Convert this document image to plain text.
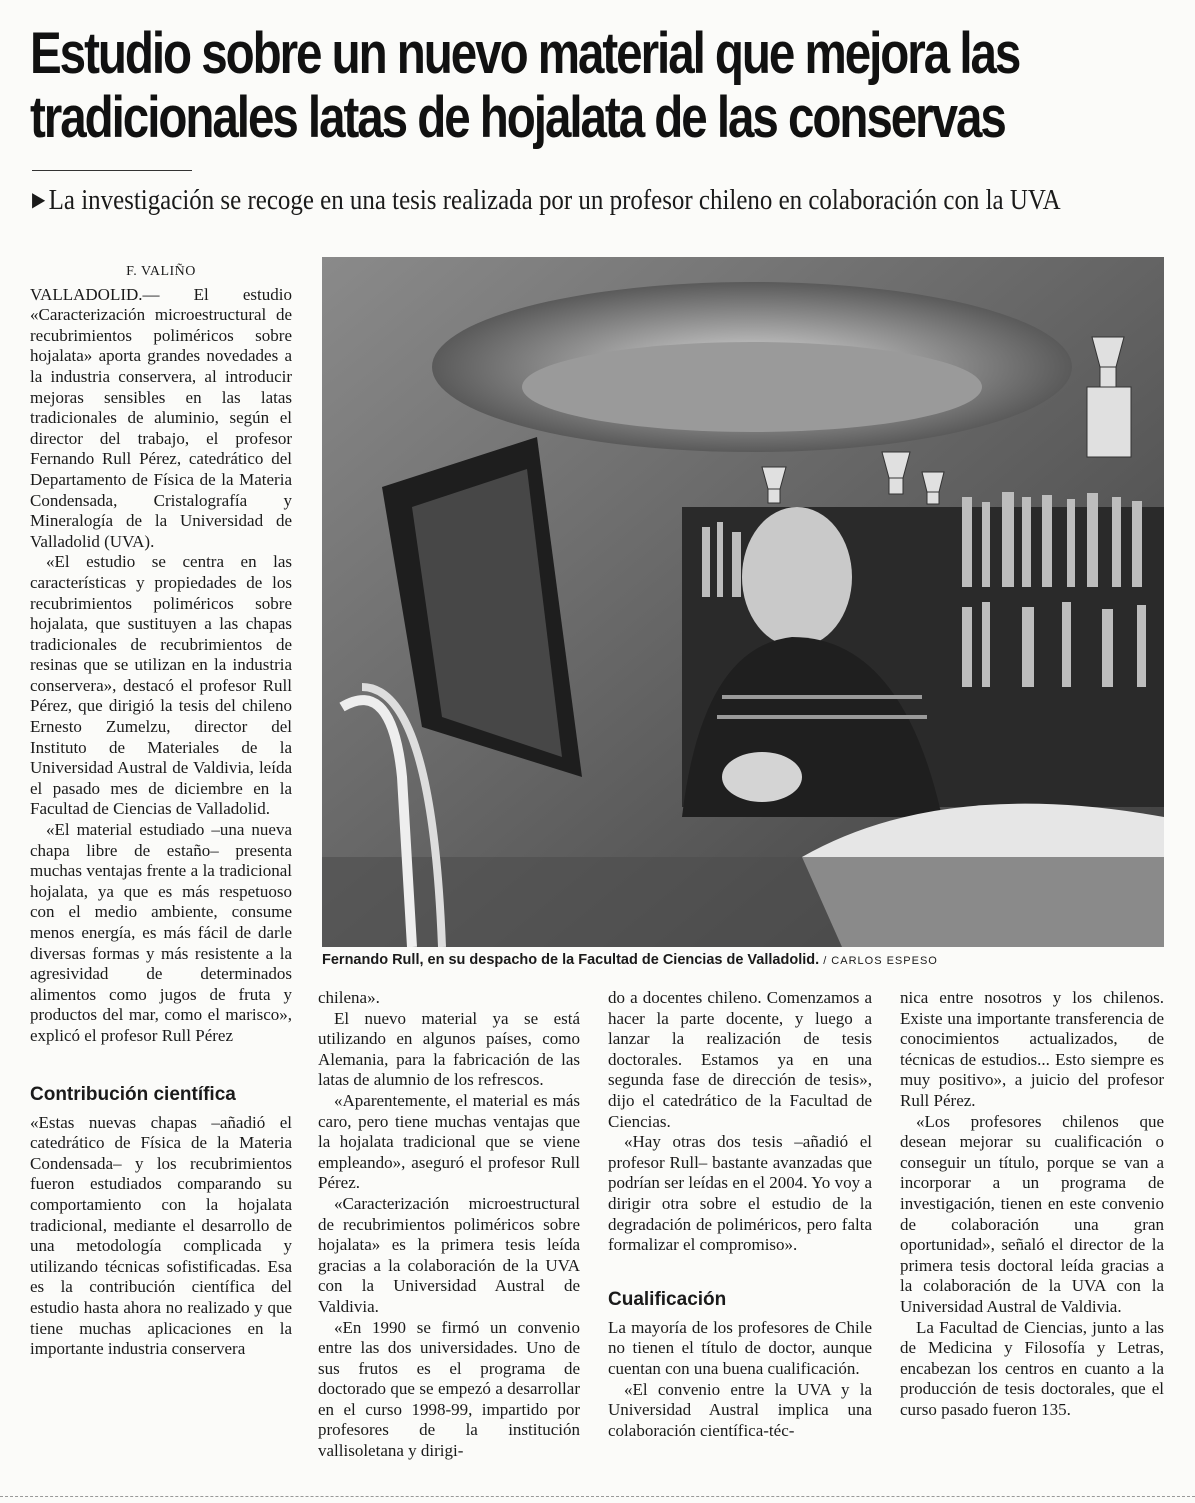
Estudio sobre un nuevo material que mejora las
tradicionales latas de hojalata de las conservas
▶ La investigación se recoge en una tesis realizada por un profesor chileno en colaboración con la UVA
F. VALIÑO

VALLADOLID.— El estudio «Caracterización microestructural de recubrimientos poliméricos sobre hojalata» aporta grandes novedades a la industria conservera, al introducir mejoras sensibles en las latas tradicionales de aluminio, según el director del trabajo, el profesor Fernando Rull Pérez, catedrático del Departamento de Física de la Materia Condensada, Cristalografía y Mineralogía de la Universidad de Valladolid (UVA).

«El estudio se centra en las características y propiedades de los recubrimientos poliméricos sobre hojalata, que sustituyen a las chapas tradicionales de recubrimientos de resinas que se utilizan en la industria conservera», destacó el profesor Rull Pérez, que dirigió la tesis del chileno Ernesto Zumelzu, director del Instituto de Materiales de la Universidad Austral de Valdivia, leída el pasado mes de diciembre en la Facultad de Ciencias de Valladolid.

«El material estudiado –una nueva chapa libre de estaño– presenta muchas ventajas frente a la tradicional hojalata, ya que es más respetuoso con el medio ambiente, consume menos energía, es más fácil de darle diversas formas y más resistente a la agresividad de determinados alimentos como jugos de fruta y productos del mar, como el marisco», explicó el profesor Rull Pérez

Contribución científica

«Estas nuevas chapas –añadió el catedrático de Física de la Materia Condensada– y los recubrimientos fueron estudiados comparando su comportamiento con la hojalata tradicional, mediante el desarrollo de una metodología complicada y utilizando técnicas sofistificadas. Esa es la contribución científica del estudio hasta ahora no realizado y que tiene muchas aplicaciones en la importante industria conservera

Fernando Rull, en su despacho de la Facultad de Ciencias de Valladolid. / CARLOS ESPESO

chilena».

El nuevo material ya se está utilizando en algunos países, como Alemania, para la fabricación de las latas de alumnio de los refrescos.

«Aparentemente, el material es más caro, pero tiene muchas ventajas que la hojalata tradicional que se viene empleando», aseguró el profesor Rull Pérez.

«Caracterización microestructural de recubrimientos poliméricos sobre hojalata» es la primera tesis leída gracias a la colaboración de la UVA con la Universidad Austral de Valdivia.

«En 1990 se firmó un convenio entre las dos universidades. Uno de sus frutos es el programa de doctorado que se empezó a desarrollar en el curso 1998-99, impartido por profesores de la institución vallisoletana y dirigi-

do a docentes chileno. Comenzamos a hacer la parte docente, y luego a lanzar la realización de tesis doctorales. Estamos ya en una segunda fase de dirección de tesis», dijo el catedrático de la Facultad de Ciencias.

«Hay otras dos tesis –añadió el profesor Rull– bastante avanzadas que podrían ser leídas en el 2004. Yo voy a dirigir otra sobre el estudio de la degradación de poliméricos, pero falta formalizar el compromiso».

Cualificación

La mayoría de los profesores de Chile no tienen el título de doctor, aunque cuentan con una buena cualificación.

«El convenio entre la UVA y la Universidad Austral implica una colaboración científica-téc-

nica entre nosotros y los chilenos. Existe una importante transferencia de conocimientos actualizados, de técnicas de estudios... Esto siempre es muy positivo», a juicio del profesor Rull Pérez.

«Los profesores chilenos que desean mejorar su cualificación o conseguir un título, porque se van a incorporar a un programa de investigación, tienen en este convenio de colaboración una gran oportunidad», señaló el director de la primera tesis doctoral leída gracias a la colaboración de la UVA con la Universidad Austral de Valdivia.

La Facultad de Ciencias, junto a las de Medicina y Filosofía y Letras, encabezan los centros en cuanto a la producción de tesis doctorales, que el curso pasado fueron 135.
